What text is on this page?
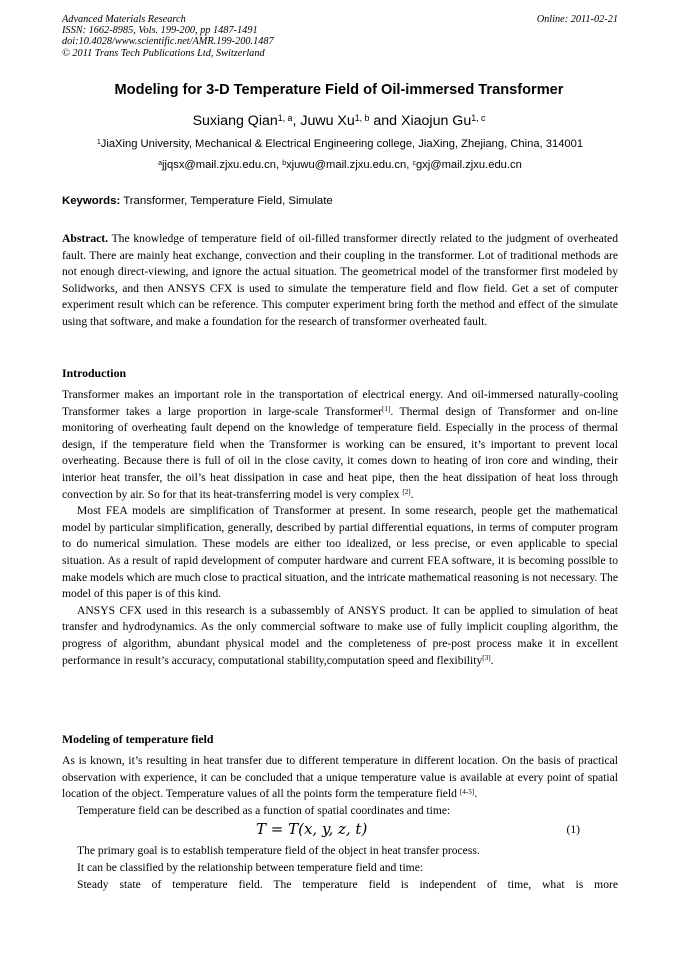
Advanced Materials Research
ISSN: 1662-8985, Vols. 199-200, pp 1487-1491
doi:10.4028/www.scientific.net/AMR.199-200.1487
© 2011 Trans Tech Publications Ltd, Switzerland
Online: 2011-02-21
Modeling for 3-D Temperature Field of Oil-immersed Transformer
Suxiang Qian$^{1, a}$, Juwu Xu$^{1, b}$ and Xiaojun Gu$^{1, c}$
$^1$JiaXing University, Mechanical & Electrical Engineering college, JiaXing, Zhejiang, China, 314001
$^a$jjqsx@mail.zjxu.edu.cn, $^b$xjuwu@mail.zjxu.edu.cn, $^c$gxj@mail.zjxu.edu.cn
Keywords: Transformer, Temperature Field, Simulate

Abstract. The knowledge of temperature field of oil-filled transformer directly related to the judgment of overheated fault. There are mainly heat exchange, convection and their coupling in the transformer. Lot of traditional methods are not enough direct-viewing, and ignore the actual situation. The geometrical model of the transformer first modeled by Solidworks, and then ANSYS CFX is used to simulate the temperature field and flow field. Get a set of computer experiment result which can be reference. This computer experiment bring forth the method and effect of the simulate using that software, and make a foundation for the research of transformer overheated fault.

Introduction

Transformer makes an important role in the transportation of electrical energy. And oil-immersed naturally-cooling Transformer takes a large proportion in large-scale Transformer[1]. Thermal design of Transformer and on-line monitoring of overheating fault depend on the knowledge of temperature field. Especially in the process of thermal design, if the temperature field when the Transformer is working can be ensured, it’s important to prevent local overheating. Because there is full of oil in the close cavity, it comes down to heating of iron core and winding, their interior heat transfer, the oil’s heat dissipation in case and heat pipe, then the heat dissipation of heat loss through convection by air. So for that its heat-transferring model is very complex [2].

Most FEA models are simplification of Transformer at present. In some research, people get the mathematical model by particular simplification, generally, described by partial differential equations, in terms of computer program to do numerical simulation. These models are either too idealized, or less precise, or even applicable to special situation. As a result of rapid development of computer hardware and current FEA software, it is becoming possible to make models which are much close to practical situation, and the intricate mathematical reasoning is not necessary. The model of this paper is of this kind.

ANSYS CFX used in this research is a subassembly of ANSYS product. It can be applied to simulation of heat transfer and hydrodynamics. As the only commercial software to make use of fully implicit coupling algorithm, the progress of algorithm, abundant physical model and the completeness of pre-post process make it in excellent performance in result’s accuracy, computational stability,computation speed and flexibility[3].

Modeling of temperature field

As is known, it’s resulting in heat transfer due to different temperature in different location. On the basis of practical observation with experience, it can be concluded that a unique temperature value is available at every point of spatial location of the object. Temperature values of all the points form the temperature field [4-5].

Temperature field can be described as a function of spatial coordinates and time:

T = T(x, y, z, t)	(1)

The primary goal is to establish temperature field of the object in heat transfer process.

It can be classified by the relationship between temperature field and time:

Steady state of temperature field. The temperature field is independent of time, what is more
